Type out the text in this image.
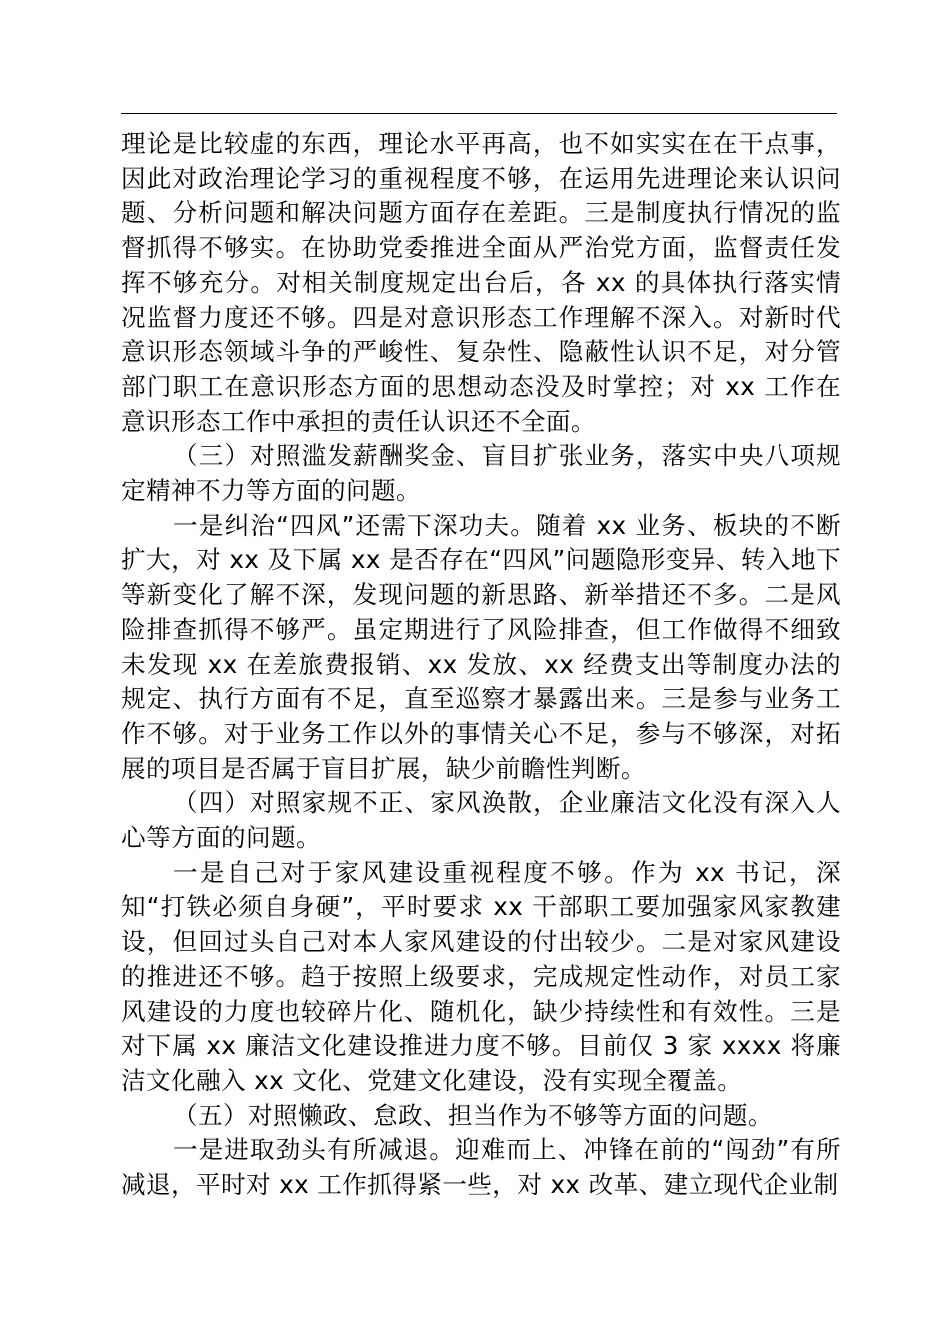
理论是比较虚的东西，理论水平再高，也不如实实在在干点事，因此对政治理论学习的重视程度不够，在运用先进理论来认识问题、分析问题和解决问题方面存在差距。三是制度执行情况的监督抓得不够实。在协助党委推进全面从严治党方面，监督责任发挥不够充分。对相关制度规定出台后，各 xx 的具体执行落实情况监督力度还不够。四是对意识形态工作理解不深入。对新时代意识形态领域斗争的严峻性、复杂性、隐蔽性认识不足，对分管部门职工在意识形态方面的思想动态没及时掌控；对 xx 工作在意识形态工作中承担的责任认识还不全面。

（三）对照滥发薪酬奖金、盲目扩张业务，落实中央八项规定精神不力等方面的问题。

一是纠治“四风”还需下深功夫。随着 xx 业务、板块的不断扩大，对 xx 及下属 xx 是否存在“四风”问题隐形变异、转入地下等新变化了解不深，发现问题的新思路、新举措还不多。二是风险排查抓得不够严。虽定期进行了风险排查，但工作做得不细致未发现 xx 在差旅费报销、xx 发放、xx 经费支出等制度办法的规定、执行方面有不足，直至巡察才暴露出来。三是参与业务工作不够。对于业务工作以外的事情关心不足，参与不够深，对拓展的项目是否属于盲目扩展，缺少前瞻性判断。

（四）对照家规不正、家风涣散，企业廉洁文化没有深入人心等方面的问题。

一是自己对于家风建设重视程度不够。作为 xx 书记，深知“打铁必须自身硬”，平时要求 xx 干部职工要加强家风家教建设，但回过头自己对本人家风建设的付出较少。二是对家风建设的推进还不够。趋于按照上级要求，完成规定性动作，对员工家风建设的力度也较碎片化、随机化，缺少持续性和有效性。三是对下属 xx 廉洁文化建设推进力度不够。目前仅 3 家 xxxx 将廉洁文化融入 xx 文化、党建文化建设，没有实现全覆盖。

（五）对照懒政、怠政、担当作为不够等方面的问题。

一是进取劲头有所减退。迎难而上、冲锋在前的“闯劲”有所减退，平时对 xx 工作抓得紧一些，对 xx 改革、建立现代企业制
